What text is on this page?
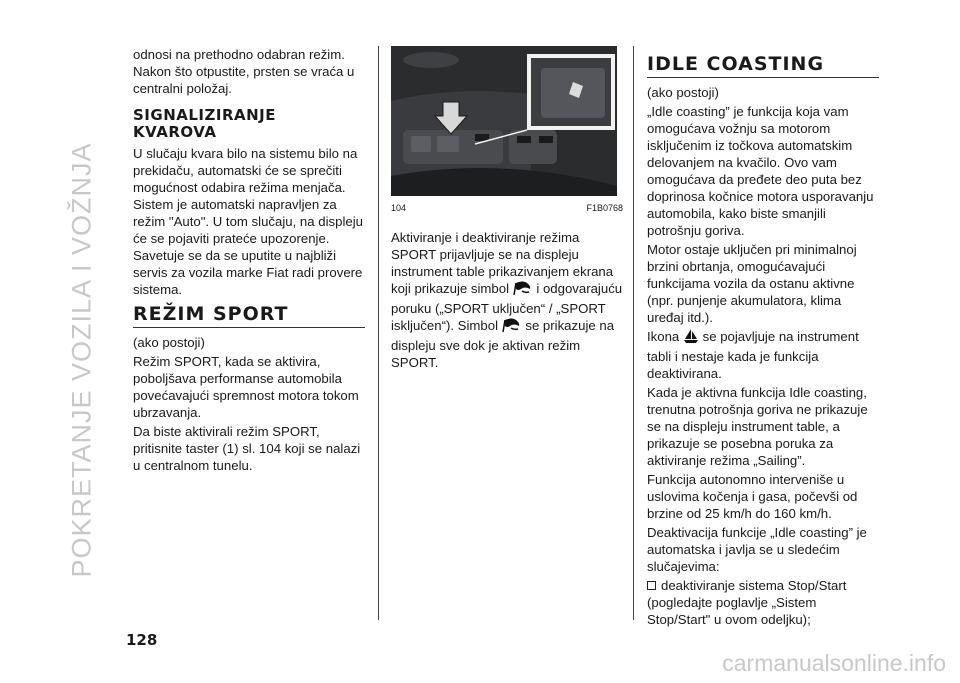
POKRETANJE VOZILA I VOŽNJA

odnosi na prethodno odabran režim. Nakon što otpustite, prsten se vraća u centralni položaj.

SIGNALIZIRANJE KVAROVA

U slučaju kvara bilo na sistemu bilo na prekidaču, automatski će se sprečiti mogućnost odabira režima menjača. Sistem je automatski napravljen za režim "Auto". U tom slučaju, na displeju će se pojaviti prateće upozorenje. Savetuje se da se uputite u najbliži servis za vozila marke Fiat radi provere sistema.

REŽIM SPORT

(ako postoji)

Režim SPORT, kada se aktivira, poboljšava performanse automobila povećavajući spremnost motora tokom ubrzavanja.

Da biste aktivirali režim SPORT, pritisnite taster (1) sl. 104 koji se nalazi u centralnom tunelu.

104	F1B0768

Aktiviranje i deaktiviranje režima SPORT prijavljuje se na displeju instrument table prikazivanjem ekrana koji prikazuje simbol i odgovarajuću poruku („SPORT uključen“ / „SPORT isključen“). Simbol se prikazuje na displeju sve dok je aktivan režim SPORT.

IDLE COASTING

(ako postoji)

„Idle coasting” je funkcija koja vam omogućava vožnju sa motorom isključenim iz točkova automatskim delovanjem na kvačilo. Ovo vam omogućava da pređete deo puta bez doprinosa kočnice motora usporavanju automobila, kako biste smanjili potrošnju goriva.

Motor ostaje uključen pri minimalnoj brzini obrtanja, omogućavajući funkcijama vozila da ostanu aktivne (npr. punjenje akumulatora, klima uređaj itd.).

Ikona se pojavljuje na instrument tabli i nestaje kada je funkcija deaktivirana.

Kada je aktivna funkcija Idle coasting, trenutna potrošnja goriva ne prikazuje se na displeju instrument table, a prikazuje se posebna poruka za aktiviranje režima „Sailing”.

Funkcija autonomno interveniše u uslovima kočenja i gasa, počevši od brzine od 25 km/h do 160 km/h.

Deaktivacija funkcije „Idle coasting” je automatska i javlja se u sledećim slučajevima:

deaktiviranje sistema Stop/Start (pogledajte poglavlje „Sistem Stop/Start" u ovom odeljku);

128
carmanualsonline.info
